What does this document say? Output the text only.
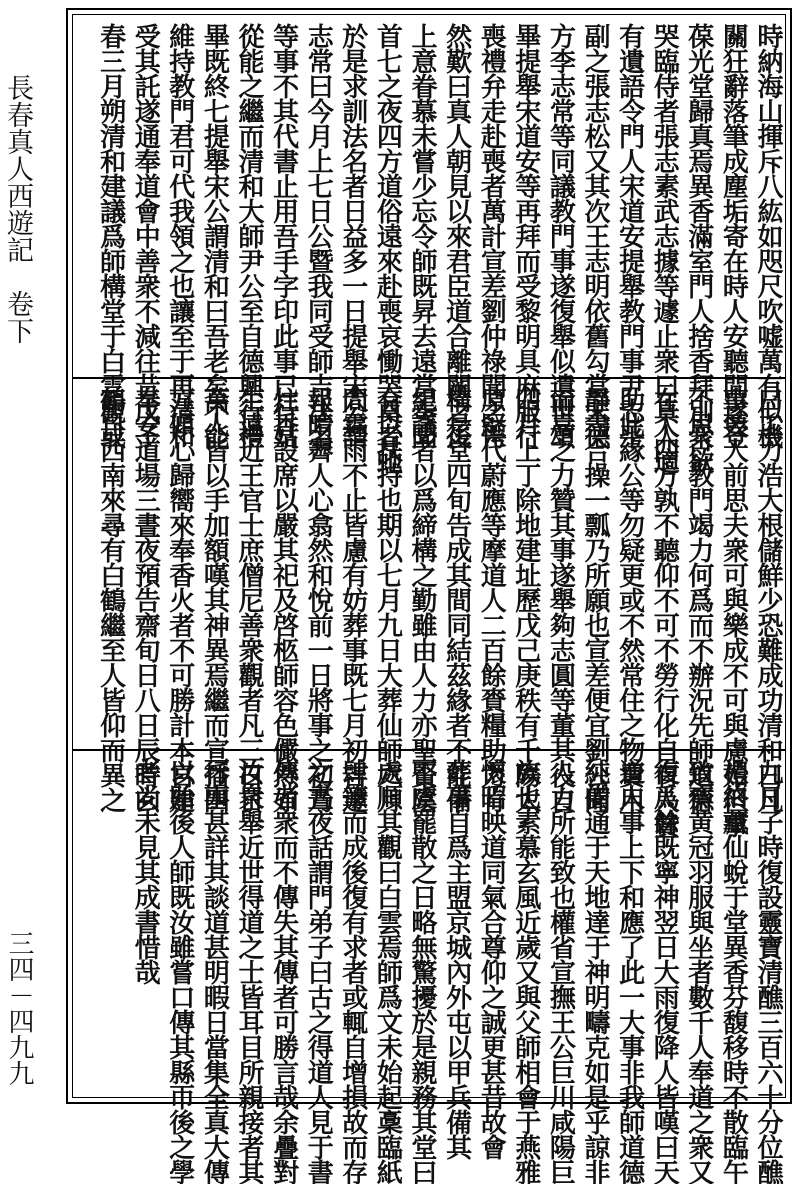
長春真人西遊記　卷下
三四－四九九
時納海山揮斥八紘如咫尺吹嘘萬有似機
關狂辭落筆成塵垢寄在時人安聽間遂登
葆光堂歸真焉異香滿室門人捨香拜別衆欲
哭臨侍者張志素武志據等遽止衆曰真人適
有遺語令門人宋道安提舉教門事尹志平
副之張志松又其次王志明依舊勾當宋德
方李志常等同議教門事遂復舉似遺世頌
畢提舉宋道安等再拜而受黎明具麻服行
喪禮弁走赴喪者萬計宣差劉仲祿聞之愕
然歎曰真人朝見以來君臣道合離闕之後
上意眷慕未嘗少忘令師既昇去遠當奏聞
首七之夜四方道俗遠來赴喪哀慟哭奠者虵
於是求訓法名者日益多一日提舉宋公謂
志常曰今月上七日公暨我同受師吉法名
等事不其代書止用吾手字印此事已行姑
從能之繼而清和大師尹公至自德興行禮
畢既終七提舉宋公謂清和曰吾老矣不能
維持教門君可代我領之也讓至于再清和
受其託遂通奉道會中善衆不減往昔戊子
春三月朔清和建議爲師構堂于白雲觀或
曰工力浩大根儲鮮少恐難成功清和曰凡
事要人前思夫衆可與樂成不可與慮始但事
不思已教門竭力何爲而不辦況先師道德
在人四方孰不聽仰不可不勞行化自有人贊
助此緣公等勿疑更或不然常住之物費用
靜盡合操一瓢乃所願也宣差便宜劉公聞
而喜之力贊其事遂舉夠志圓等董其役自
四月上丁除地建址歷戊己庚秩有千陽太
原堅代蔚應等摩道人二百餘賚糧助力肯
構是堂四旬告成其間同結茲緣者不能備
紀議者以爲締構之勤雖由人力亦聖賢陰
有以扶持也期以七月九日大葬仙師六月
間霖雨不止皆慮有妨葬事既七月初吉遽
報晴霽人心翕然和悅前一日將事之初乃
炷香設席以嚴其祀及啓柩師容色儼然如
生遠近王官士庶僧尼善衆觀者凡三日日
萬人皆以手加額嘆其神異焉繼而宣播四
方傾心歸嚮來奉香火者不可勝計本宮建
奉安道場三晝夜預告齋旬日八日辰時玄
鶴自西南來尋有白鶴繼至人皆仰而異之
九日子時復設靈寶清醮三百六十分位醮
禮終藏仙蛻于堂異香芬馥移時不散臨午
致齋黄冠羽服與坐者數千人奉道之衆又
復爲餘既寧神翌日大雨復降人皆嘆曰天
道人事上下和應了此一大事非我師道德
純備通于天地達于神明疇克如是乎諒非
人力所能致也權省宣撫王公巨川咸陽巨
族也素慕玄風近歲又與父師相會于燕雅
懷昭映道同氣合尊仰之誠更甚昔故會
葬事自爲主盟京城內外屯以甲兵備其
不虞罷散之日略無驚擾於是親務其堂曰
處順其觀曰白雲焉師爲文未始起稾臨紙
肆筆而成後復有求者或輒自增損故而存
之晝夜話謂門弟子曰古之得道人見于書
傳者衆而不傳失其傳者可勝言哉余疊對
汝衆舉近世得道之士皆耳目所親接者其
行事甚詳其談道甚明暇日當集全真大傳
以貽後人師既汝雖嘗口傳其縣帀後之學
者尚未見其成書惜哉
